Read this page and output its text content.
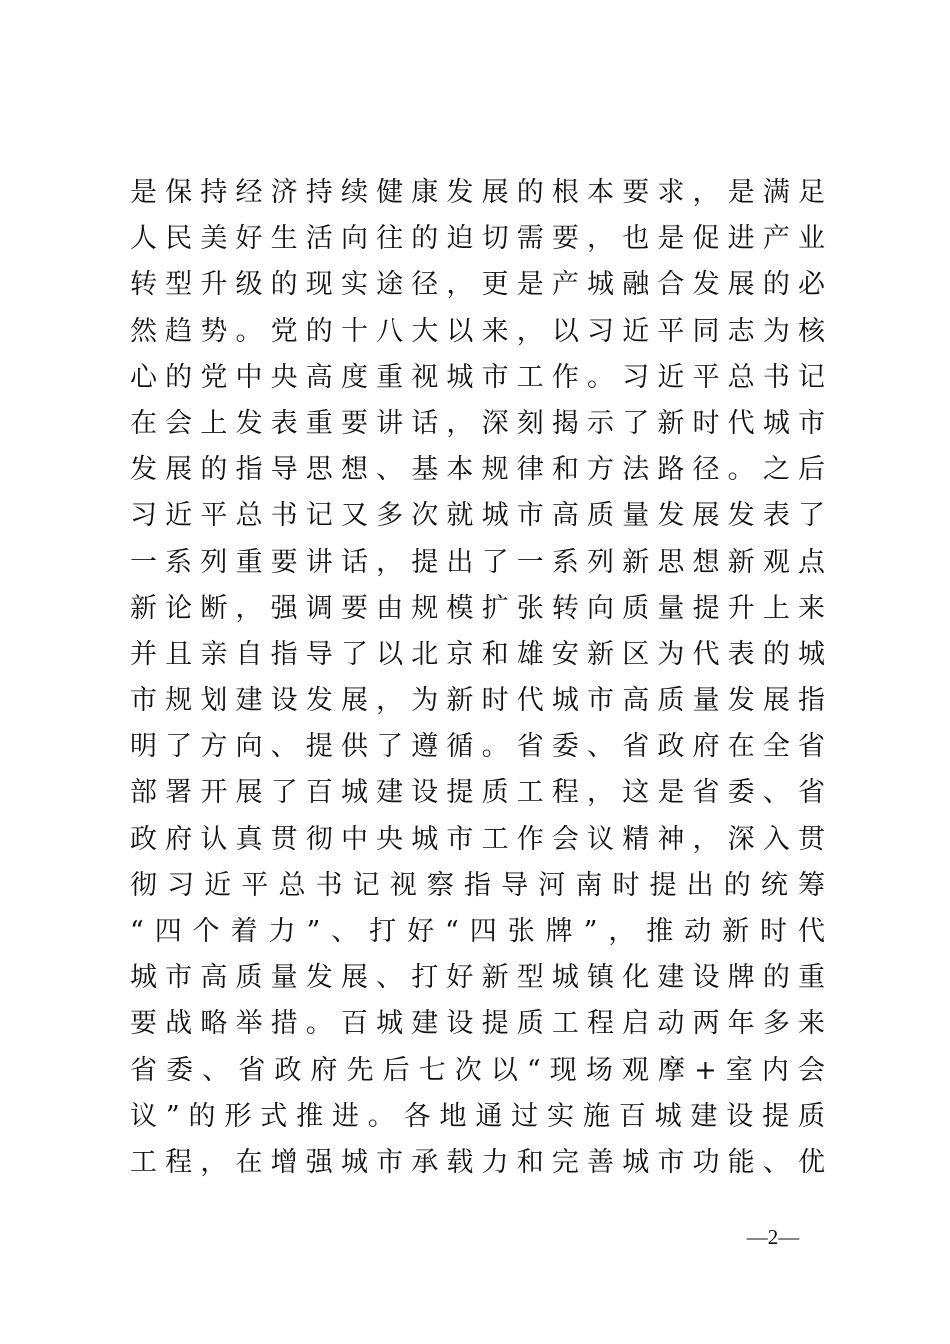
是保持经济持续健康发展的根本要求，是满足
人民美好生活向往的迫切需要，也是促进产业
转型升级的现实途径，更是产城融合发展的必
然趋势。党的十八大以来，以习近平同志为核
心的党中央高度重视城市工作。习近平总书记
在会上发表重要讲话，深刻揭示了新时代城市
发展的指导思想、基本规律和方法路径。之后
习近平总书记又多次就城市高质量发展发表了
一系列重要讲话，提出了一系列新思想新观点
新论断，强调要由规模扩张转向质量提升上来
并且亲自指导了以北京和雄安新区为代表的城
市规划建设发展，为新时代城市高质量发展指
明了方向、提供了遵循。省委、省政府在全省
部署开展了百城建设提质工程，这是省委、省
政府认真贯彻中央城市工作会议精神，深入贯
彻习近平总书记视察指导河南时提出的统筹
“四个着力”、打好“四张牌”，推动新时代
城市高质量发展、打好新型城镇化建设牌的重
要战略举措。百城建设提质工程启动两年多来
省委、省政府先后七次以“现场观摩+室内会
议”的形式推进。各地通过实施百城建设提质
工程，在增强城市承载力和完善城市功能、优
—2—
